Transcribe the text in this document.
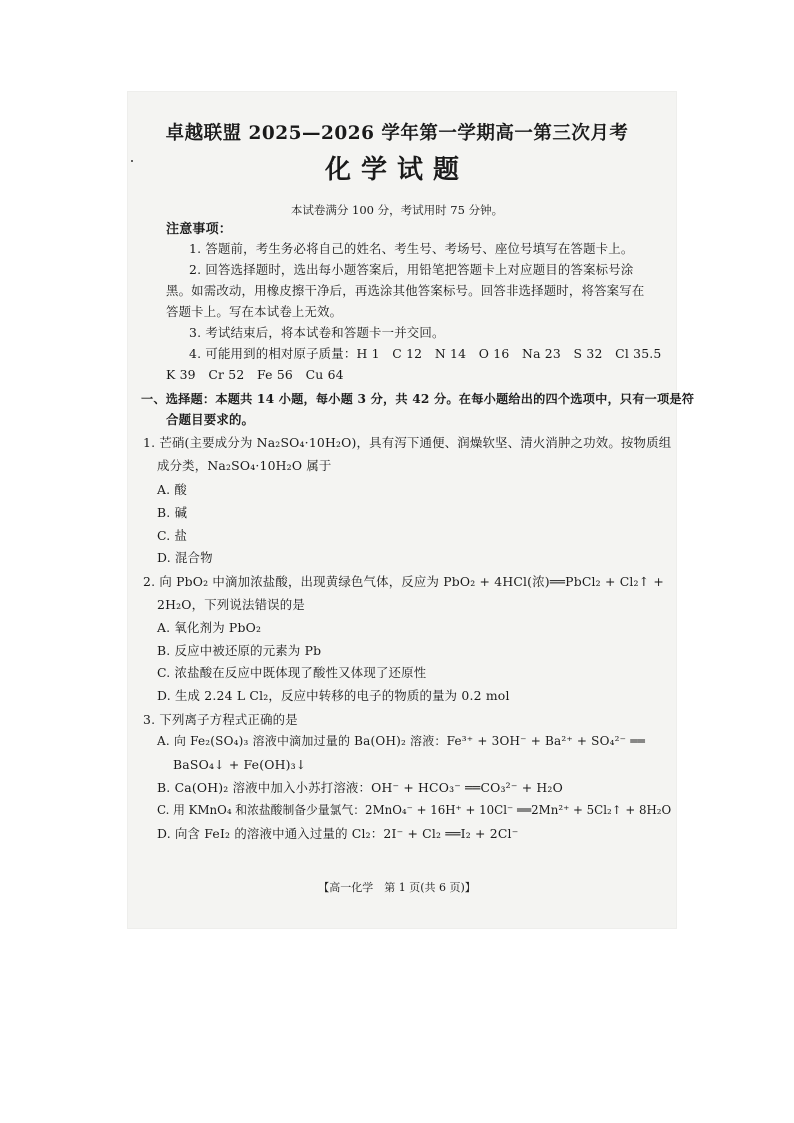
卓越联盟 2025—2026 学年第一学期高一第三次月考
化学试题
本试卷满分 100 分，考试用时 75 分钟。
注意事项：
1. 答题前，考生务必将自己的姓名、考生号、考场号、座位号填写在答题卡上。
2. 回答选择题时，选出每小题答案后，用铅笔把答题卡上对应题目的答案标号涂
黑。如需改动，用橡皮擦干净后，再选涂其他答案标号。回答非选择题时，将答案写在
答题卡上。写在本试卷上无效。
3. 考试结束后，将本试卷和答题卡一并交回。
4. 可能用到的相对原子质量：H 1　C 12　N 14　O 16　Na 23　S 32　Cl 35.5
K 39　Cr 52　Fe 56　Cu 64
一、选择题：本题共 14 小题，每小题 3 分，共 42 分。在每小题给出的四个选项中，只有一项是符
合题目要求的。
1. 芒硝(主要成分为 Na₂SO₄·10H₂O)，具有泻下通便、润燥软坚、清火消肿之功效。按物质组
成分类，Na₂SO₄·10H₂O 属于
A. 酸
B. 碱
C. 盐
D. 混合物
2. 向 PbO₂ 中滴加浓盐酸，出现黄绿色气体，反应为 PbO₂ + 4HCl(浓)══PbCl₂ + Cl₂↑ +
2H₂O，下列说法错误的是
A. 氧化剂为 PbO₂
B. 反应中被还原的元素为 Pb
C. 浓盐酸在反应中既体现了酸性又体现了还原性
D. 生成 2.24 L Cl₂，反应中转移的电子的物质的量为 0.2 mol
3. 下列离子方程式正确的是
A. 向 Fe₂(SO₄)₃ 溶液中滴加过量的 Ba(OH)₂ 溶液：Fe³⁺ + 3OH⁻ + Ba²⁺ + SO₄²⁻ ══
BaSO₄↓ + Fe(OH)₃↓
B. Ca(OH)₂ 溶液中加入小苏打溶液：OH⁻ + HCO₃⁻ ══CO₃²⁻ + H₂O
C. 用 KMnO₄ 和浓盐酸制备少量氯气：2MnO₄⁻ + 16H⁺ + 10Cl⁻ ══2Mn²⁺ + 5Cl₂↑ + 8H₂O
D. 向含 FeI₂ 的溶液中通入过量的 Cl₂：2I⁻ + Cl₂ ══I₂ + 2Cl⁻
【高一化学　第 1 页(共 6 页)】
